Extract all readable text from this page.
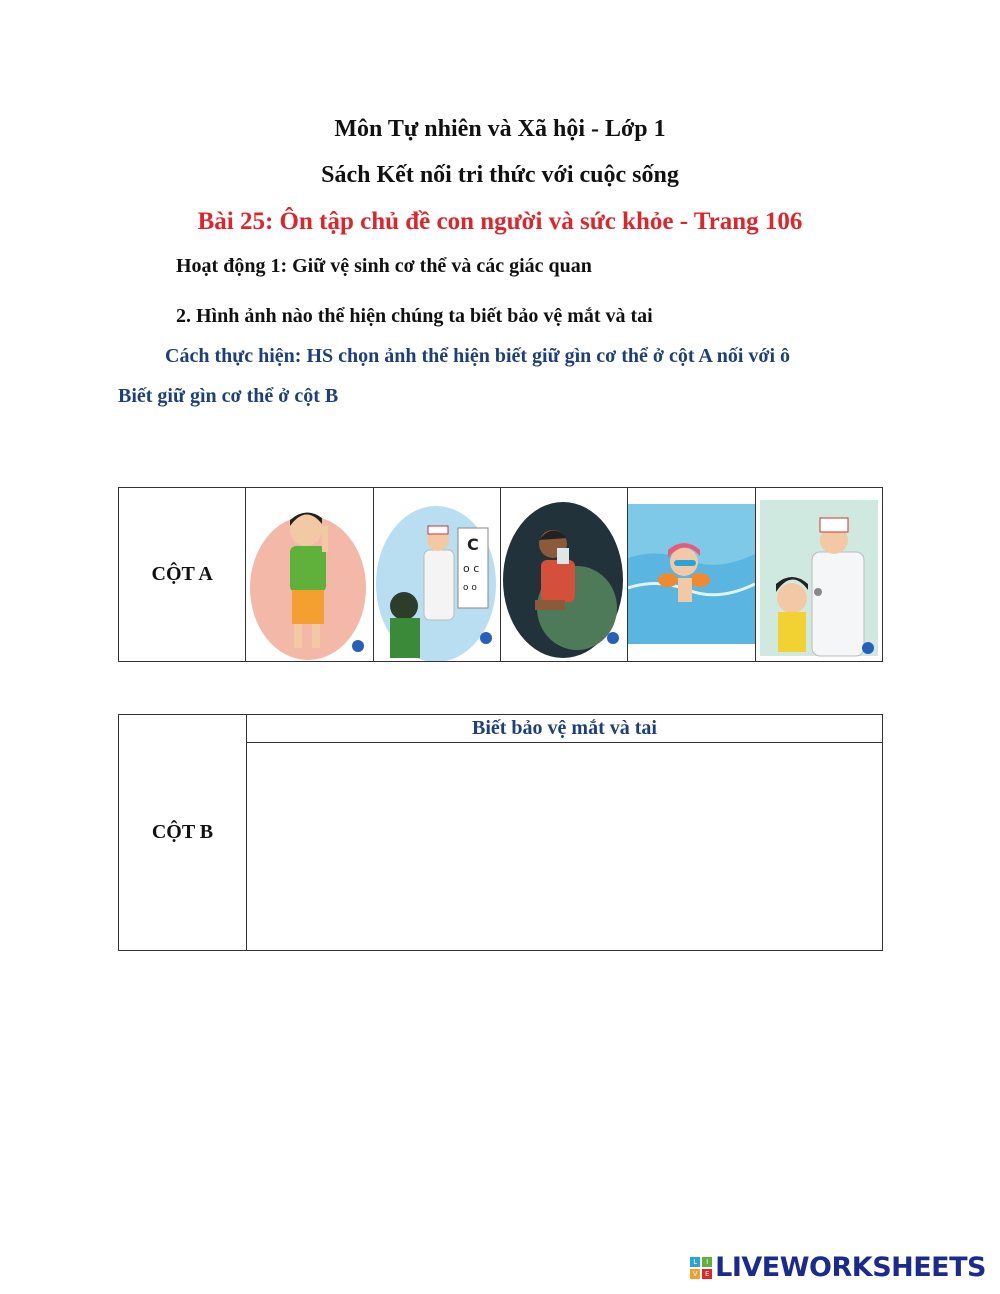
Môn Tự nhiên và Xã hội - Lớp 1
Sách Kết nối tri thức với cuộc sống
Bài 25: Ôn tập chủ đề con người và sức khỏe - Trang 106
Hoạt động 1: Giữ vệ sinh cơ thể và các giác quan
2. Hình ảnh nào thể hiện chúng ta biết bảo vệ mắt và tai
Cách thực hiện: HS chọn ảnh thể hiện biết giữ gìn cơ thể ở cột A nối với ô
Biết giữ gìn cơ thể ở cột B
CỘT A
C
o c
o o
CỘT B
Biết bảo vệ mắt và tai
L	I
V	E LIVEWORKSHEETS
